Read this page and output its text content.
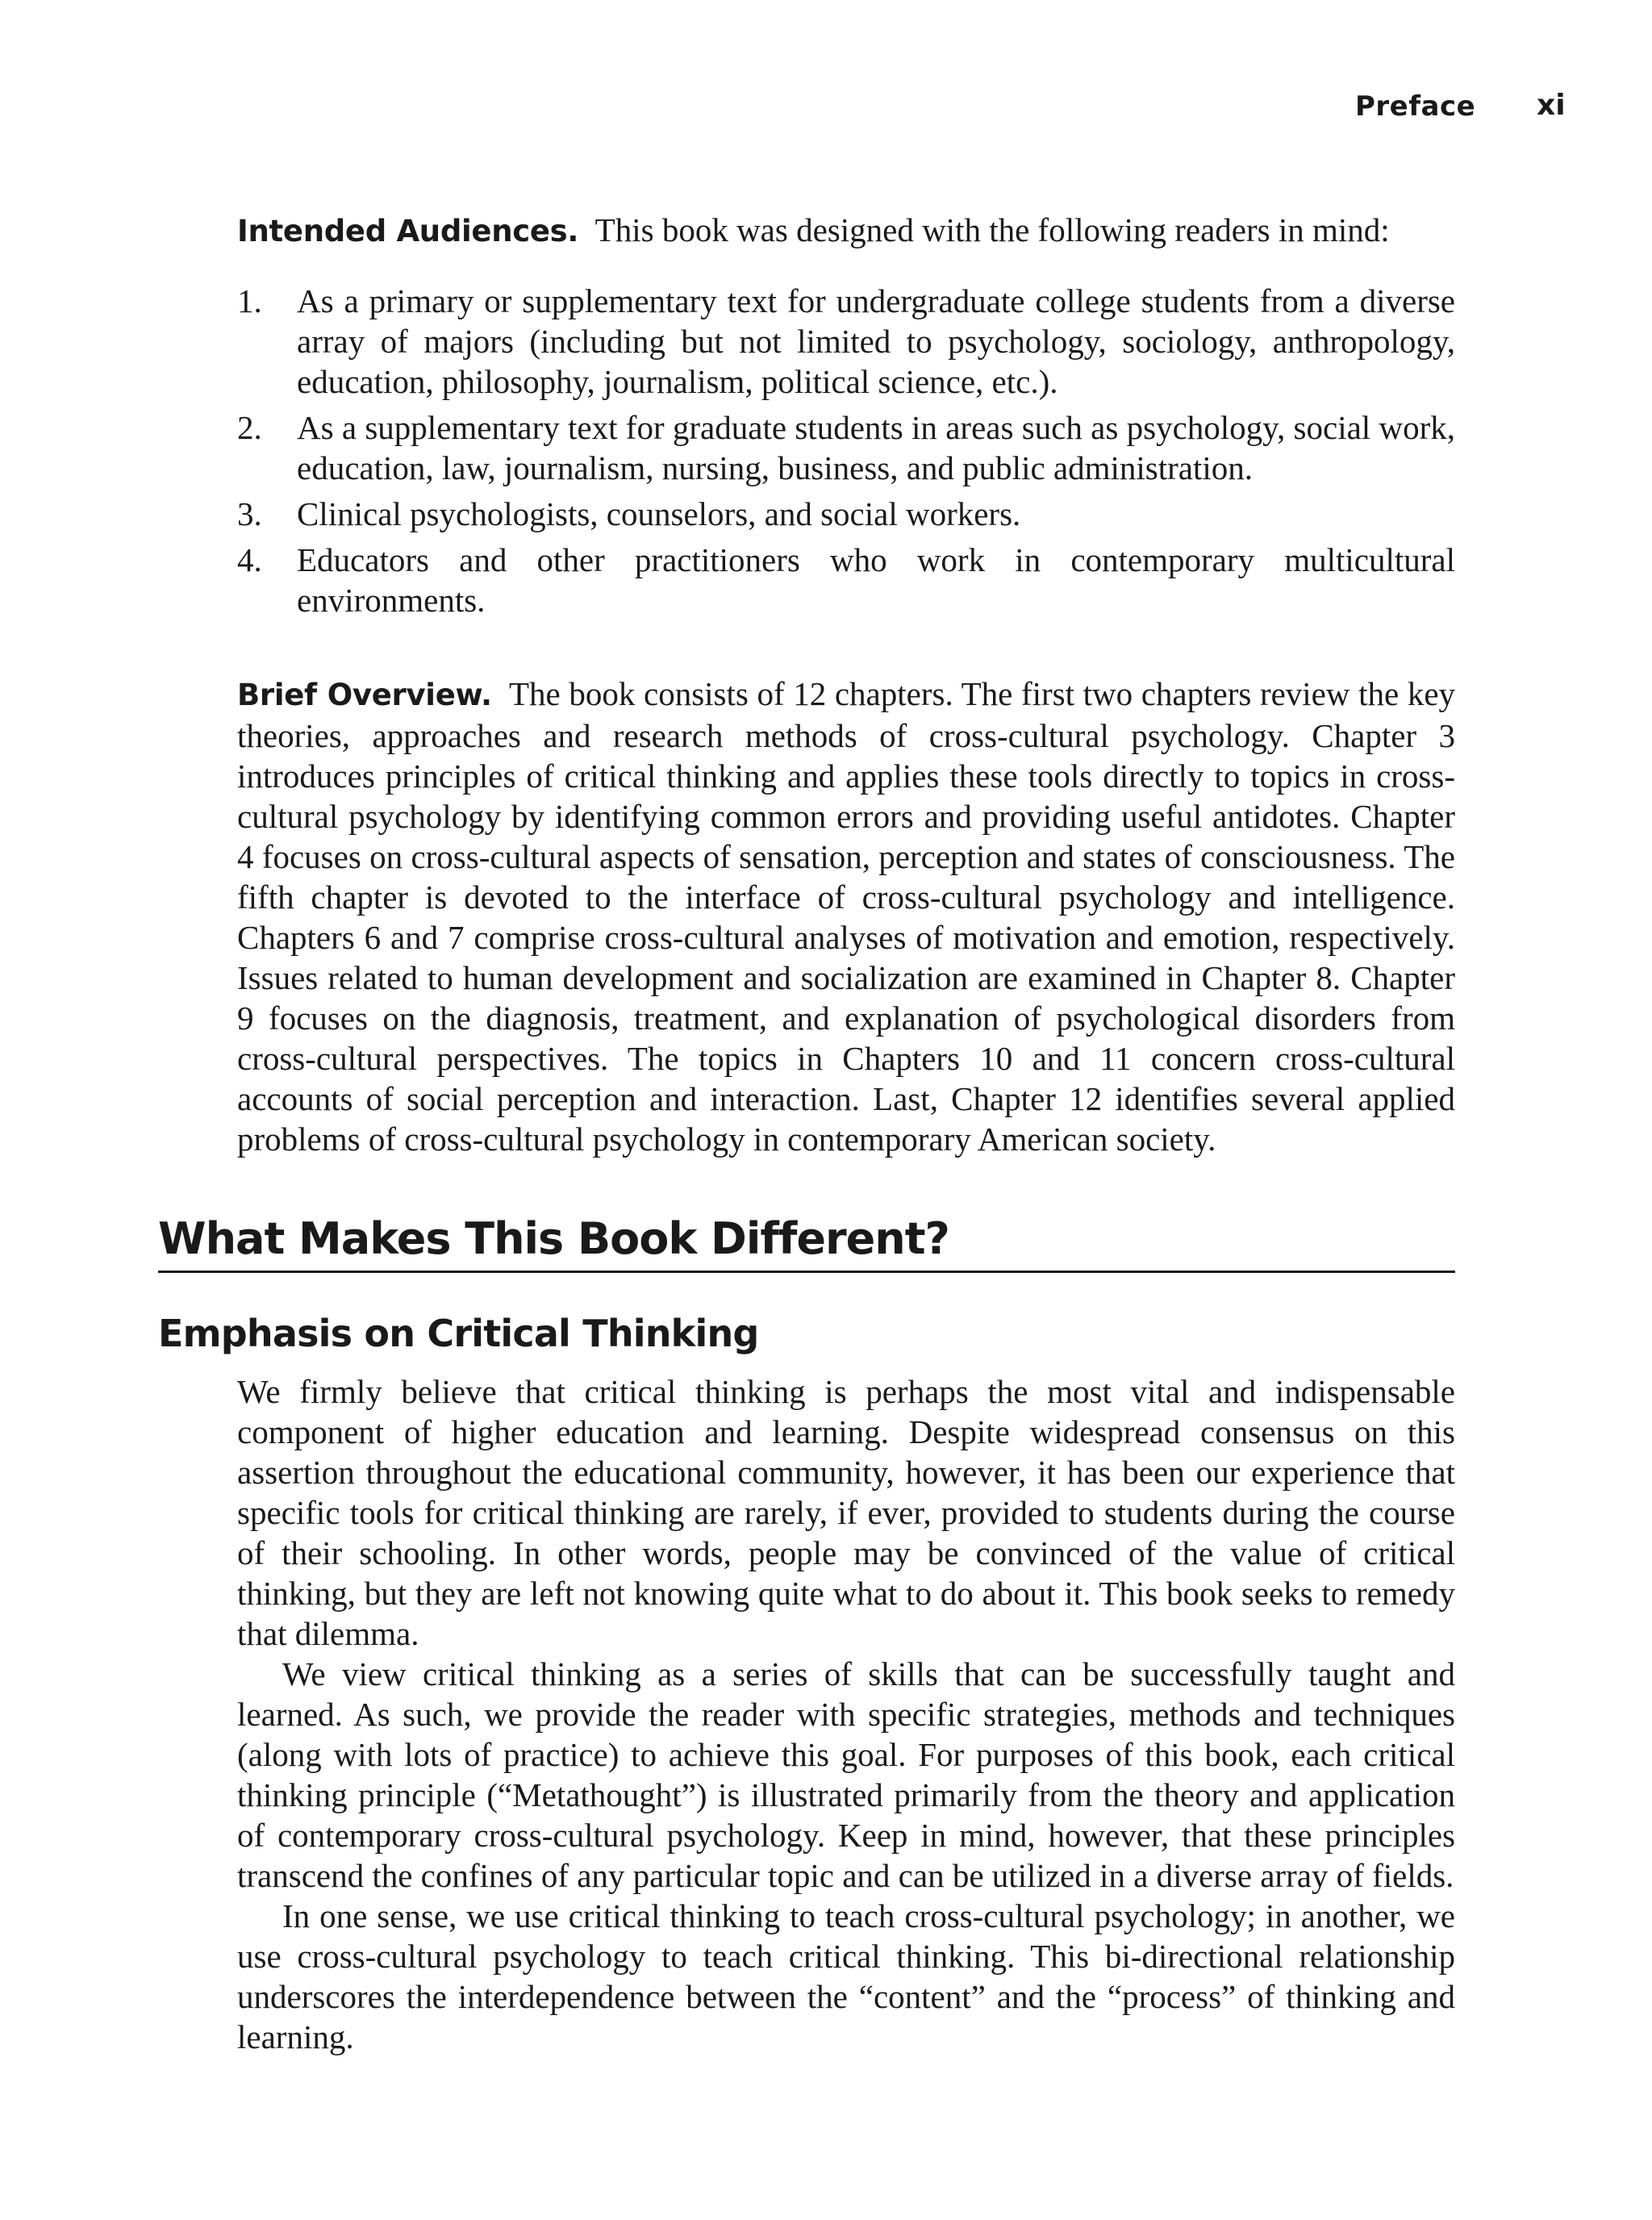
Preface xi
Intended Audiences. This book was designed with the following readers in mind:
1. As a primary or supplementary text for undergraduate college students from a diverse array of majors (including but not limited to psychology, sociology, anthropology, education, philosophy, journalism, political science, etc.).
2. As a supplementary text for graduate students in areas such as psychology, social work, education, law, journalism, nursing, business, and public administration.
3. Clinical psychologists, counselors, and social workers.
4. Educators and other practitioners who work in contemporary multicultural environments.
Brief Overview. The book consists of 12 chapters. The first two chapters review the key theories, approaches and research methods of cross-cultural psychology. Chapter 3 introduces principles of critical thinking and applies these tools directly to topics in cross-cultural psychology by identifying common errors and providing useful antidotes. Chapter 4 focuses on cross-cultural aspects of sensation, perception and states of consciousness. The fifth chapter is devoted to the interface of cross-cultural psychology and intelligence. Chapters 6 and 7 comprise cross-cultural analyses of motivation and emotion, respectively. Issues related to human development and socialization are examined in Chapter 8. Chapter 9 focuses on the diagnosis, treatment, and explanation of psychological disorders from cross-cultural perspectives. The topics in Chapters 10 and 11 concern cross-cultural accounts of social perception and interaction. Last, Chapter 12 identifies several applied problems of cross-cultural psychology in contemporary American society.
What Makes This Book Different?
Emphasis on Critical Thinking

We firmly believe that critical thinking is perhaps the most vital and indispensable component of higher education and learning. Despite widespread consensus on this assertion throughout the educational community, however, it has been our experience that specific tools for critical thinking are rarely, if ever, provided to students during the course of their schooling. In other words, people may be convinced of the value of critical thinking, but they are left not knowing quite what to do about it. This book seeks to remedy that dilemma.

We view critical thinking as a series of skills that can be successfully taught and learned. As such, we provide the reader with specific strategies, methods and techniques (along with lots of practice) to achieve this goal. For purposes of this book, each critical thinking principle (“Metathought”) is illustrated primarily from the theory and application of contemporary cross-cultural psychology. Keep in mind, however, that these principles transcend the confines of any particular topic and can be utilized in a diverse array of fields.

In one sense, we use critical thinking to teach cross-cultural psychology; in another, we use cross-cultural psychology to teach critical thinking. This bi-directional relationship underscores the interdependence between the “content” and the “process” of thinking and learning.
